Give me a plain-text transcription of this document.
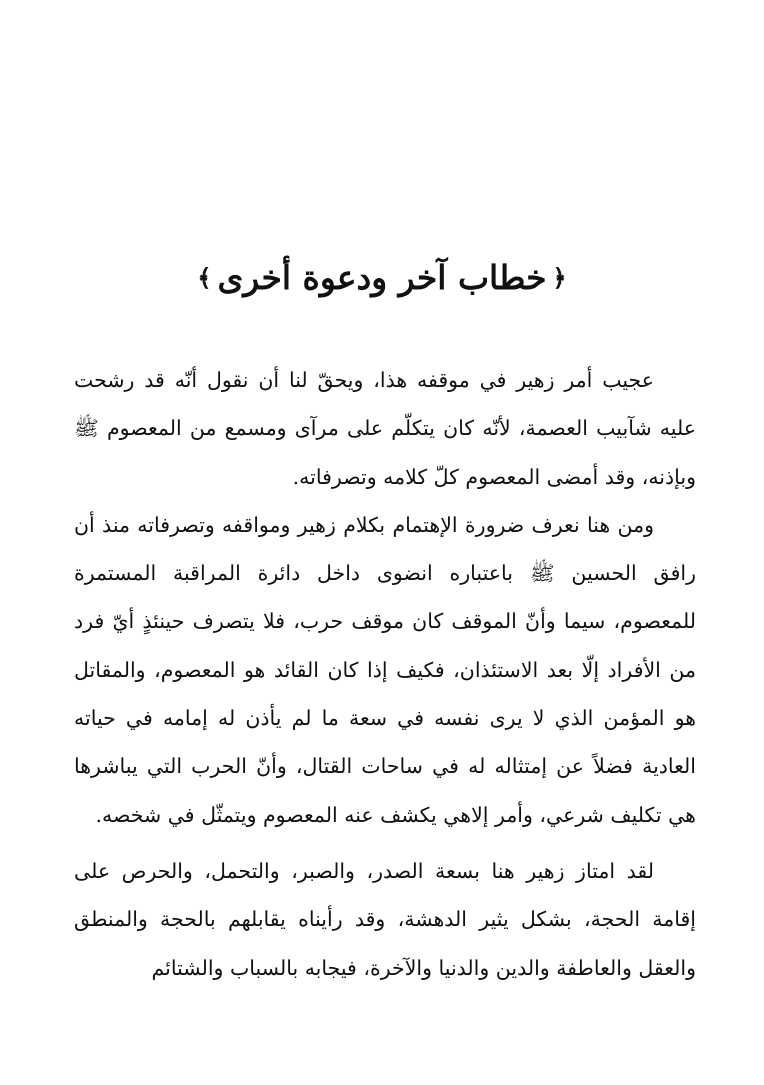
﴿
خطاب آخر ودعوة أخرى
﴾

عجيب أمر زهير في موقفه هذا، ويحقّ لنا أن نقول أنّه قد رشحت عليه شآبيب العصمة، لأنّه كان يتكلّم على مرآى ومسمع من المعصوم ﷺ وبإذنه، وقد أمضى المعصوم كلّ كلامه وتصرفاته.

ومن هنا نعرف ضرورة الإهتمام بكلام زهير ومواقفه وتصرفاته منذ أن رافق الحسين ﷺ باعتباره انضوى داخل دائرة المراقبة المستمرة للمعصوم، سيما وأنّ الموقف كان موقف حرب، فلا يتصرف حينئذٍ أيّ فرد من الأفراد إلّا بعد الاستئذان، فكيف إذا كان القائد هو المعصوم، والمقاتل هو المؤمن الذي لا يرى نفسه في سعة ما لم يأذن له إمامه في حياته العادية فضلاً عن إمتثاله له في ساحات القتال، وأنّ الحرب التي يباشرها هي تكليف شرعي، وأمر إلاهي يكشف عنه المعصوم ويتمثّل في شخصه.

لقد امتاز زهير هنا بسعة الصدر، والصبر، والتحمل، والحرص على إقامة الحجة، بشكل يثير الدهشة، وقد رأيناه يقابلهم بالحجة والمنطق والعقل والعاطفة والدين والدنيا والآخرة، فيجابه بالسباب والشتائم
